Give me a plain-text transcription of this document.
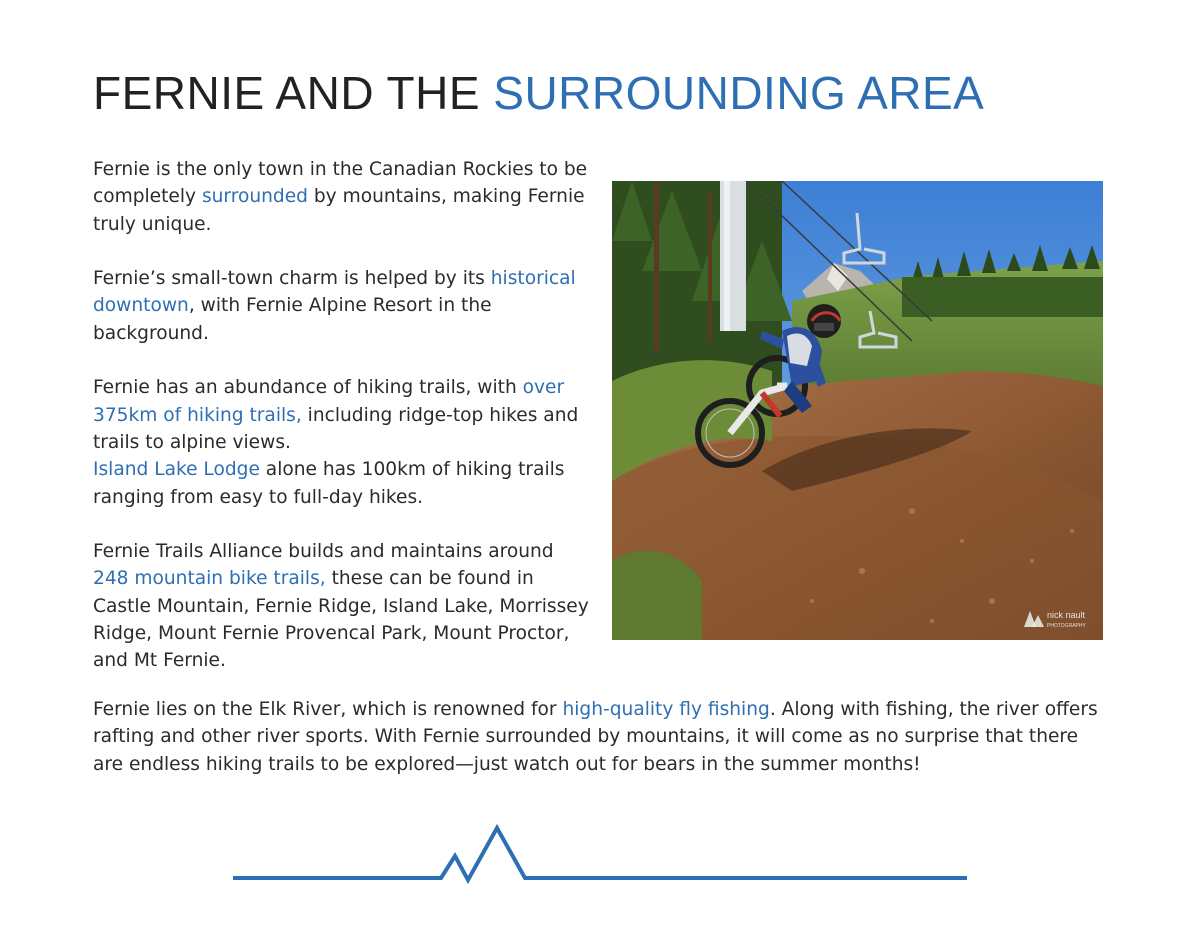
FERNIE AND THE SURROUNDING AREA

Fernie is the only town in the Canadian Rockies to be completely surrounded by mountains, making Fernie truly unique.

Fernie’s small-town charm is helped by its historical downtown, with Fernie Alpine Resort in the background.

Fernie has an abundance of hiking trails, with over 375km of hiking trails, including ridge-top hikes and trails to alpine views.
Island Lake Lodge alone has 100km of hiking trails ranging from easy to full-day hikes.

Fernie Trails Alliance builds and maintains around 248 mountain bike trails, these can be found in Castle Mountain, Fernie Ridge, Island Lake, Morrissey Ridge, Mount Fernie Provencal Park, Mount Proctor, and Mt Fernie.

nick nault
PHOTOGRAPHY

Fernie lies on the Elk River, which is renowned for high-quality fly fishing. Along with fishing, the river offers rafting and other river sports. With Fernie surrounded by mountains, it will come as no surprise that there are endless hiking trails to be explored—just watch out for bears in the summer months!
